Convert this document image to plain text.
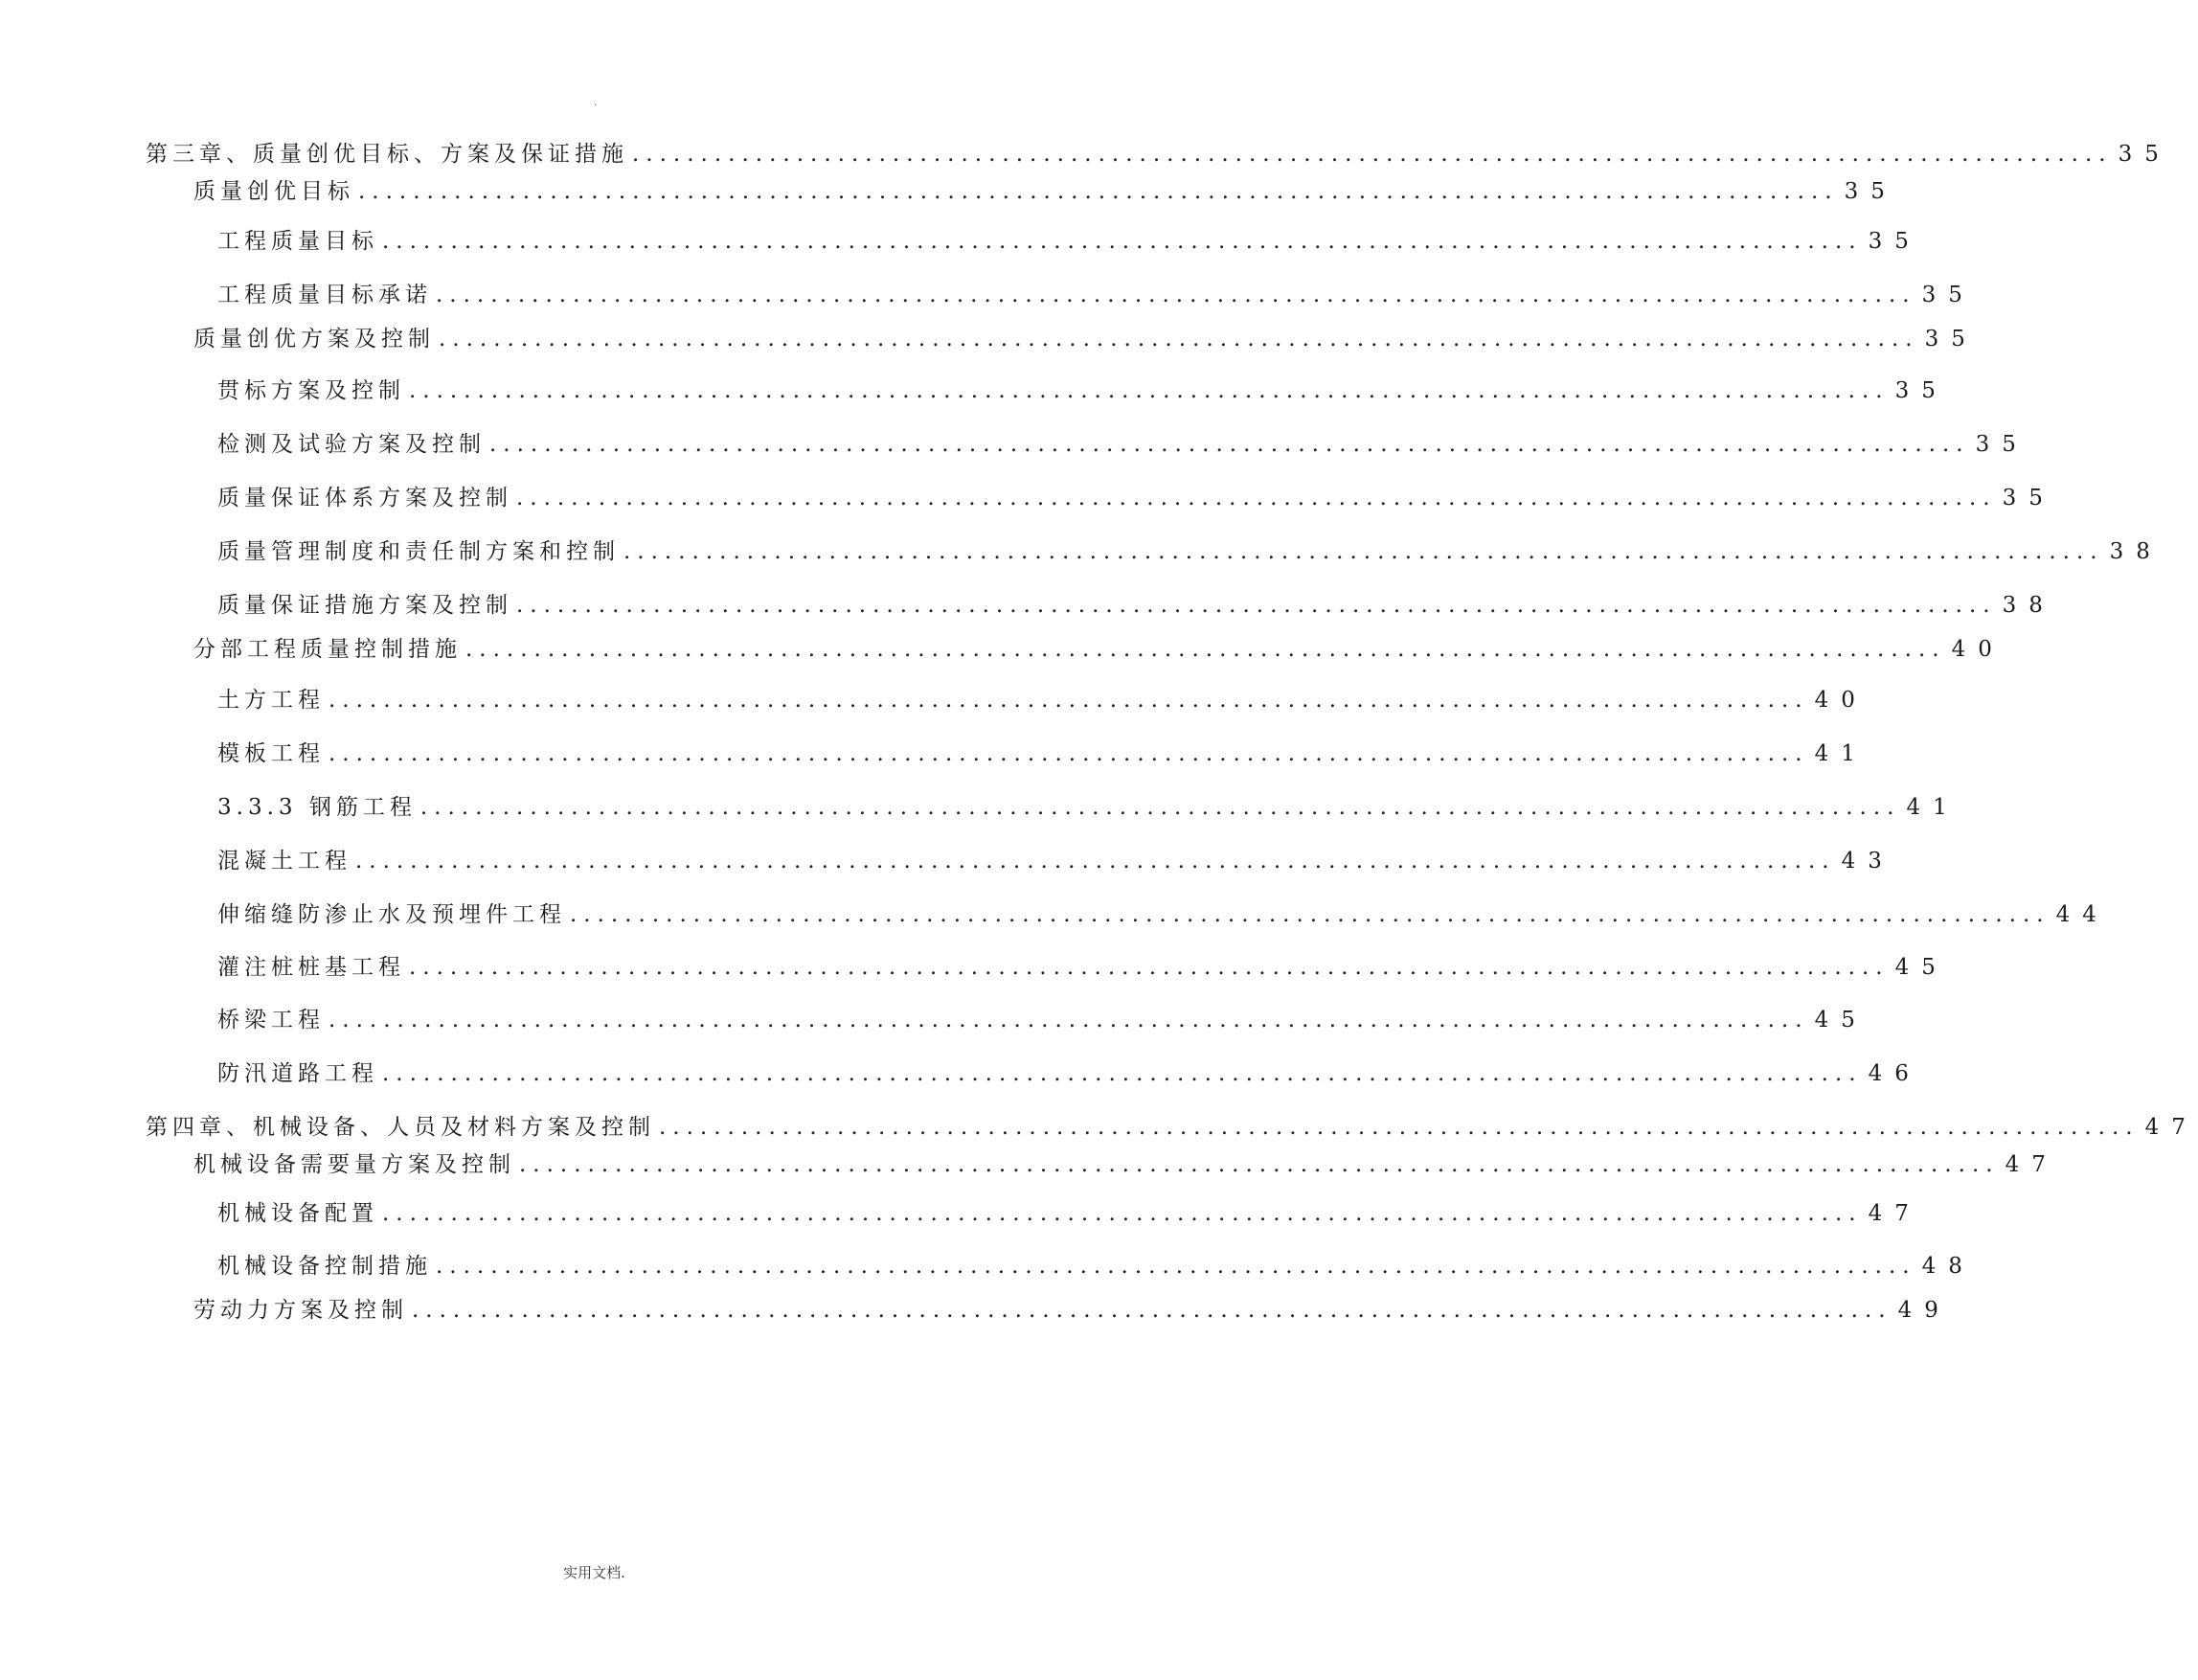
.
第三章、质量创优目标、方案及保证措施 ............................................................................................................ 35
质量创优目标 ............................................................................................................ 35
工程质量目标 ............................................................................................................ 35
工程质量目标承诺 ............................................................................................................ 35
质量创优方案及控制 ............................................................................................................ 35
贯标方案及控制 ............................................................................................................ 35
检测及试验方案及控制 ............................................................................................................ 35
质量保证体系方案及控制 ............................................................................................................ 35
质量管理制度和责任制方案和控制 ............................................................................................................ 38
质量保证措施方案及控制 ............................................................................................................ 38
分部工程质量控制措施 ............................................................................................................ 40
土方工程 ............................................................................................................ 40
模板工程 ............................................................................................................ 41
3.3.3 钢筋工程 ............................................................................................................ 41
混凝土工程 ............................................................................................................ 43
伸缩缝防渗止水及预埋件工程 ............................................................................................................ 44
灌注桩桩基工程 ............................................................................................................ 45
桥梁工程 ............................................................................................................ 45
防汛道路工程 ............................................................................................................ 46
第四章、机械设备、人员及材料方案及控制 ............................................................................................................ 47
机械设备需要量方案及控制 ............................................................................................................ 47
机械设备配置 ............................................................................................................ 47
机械设备控制措施 ............................................................................................................ 48
劳动力方案及控制 ............................................................................................................ 49
实用文档.
